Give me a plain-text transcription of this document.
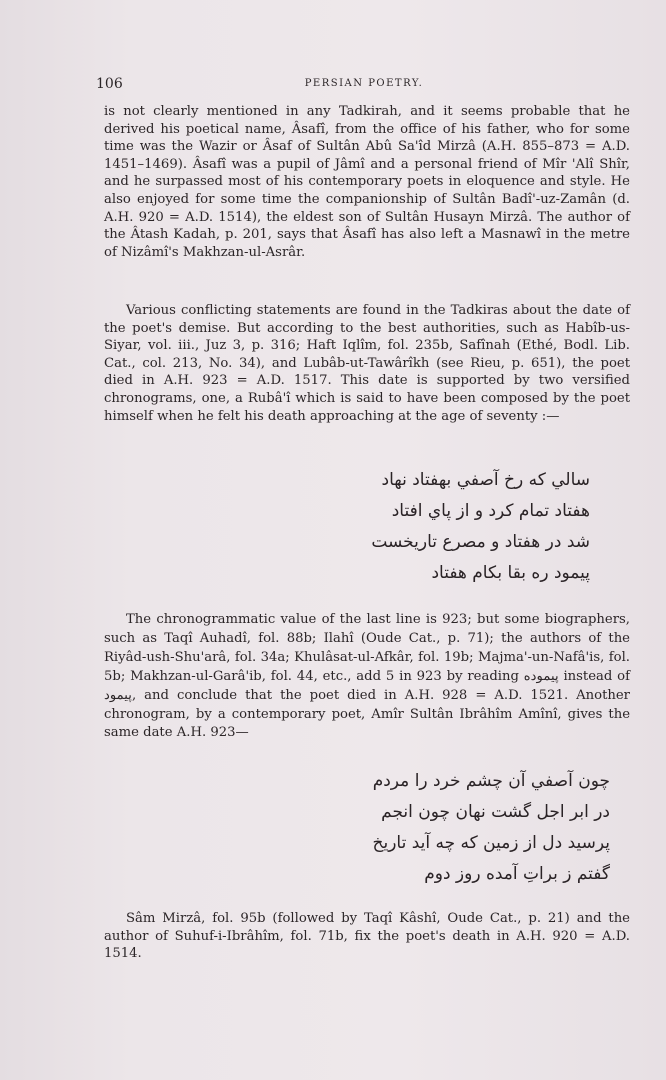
106	PERSIAN POETRY.
is not clearly mentioned in any Tadkirah, and it seems probable that he derived his poetical name, Âsafî, from the office of his father, who for some time was the Wazir or Âsaf of Sultân Abû Sa'îd Mirzâ (A.H. 855–873 = A.D. 1451–1469). Âsafî was a pupil of Jâmî and a personal friend of Mîr 'Alî Shîr, and he surpassed most of his contemporary poets in eloquence and style. He also enjoyed for some time the companionship of Sultân Badî'-uz-Zamân (d. A.H. 920 = A.D. 1514), the eldest son of Sultân Husayn Mirzâ. The author of the Âtash Kadah, p. 201, says that Âsafî has also left a Masnawî in the metre of Nizâmî's Makhzan-ul-Asrâr.
Various conflicting statements are found in the Tadkiras about the date of the poet's demise. But according to the best authorities, such as Habîb-us-Siyar, vol. iii., Juz 3, p. 316; Haft Iqlîm, fol. 235b, Safînah (Ethé, Bodl. Lib. Cat., col. 213, No. 34), and Lubâb-ut-Tawârîkh (see Rieu, p. 651), the poet died in A.H. 923 = A.D. 1517. This date is supported by two versified chronograms, one, a Rubâ'î which is said to have been composed by the poet himself when he felt his death approaching at the age of seventy :—
سالي که رخ آصفي بهفتاد نهاد
هفتاد تمام کرد و از پاي افتاد
شد در هفتاد و مصرع تاريخست
پيمود ره بقا بکام هفتاد
The chronogrammatic value of the last line is 923; but some biographers, such as Taqî Auhadî, fol. 88b; Ilahî (Oude Cat., p. 71); the authors of the Riyâd-ush-Shu'arâ, fol. 34a; Khulâsat-ul-Afkâr, fol. 19b; Majma'-un-Nafâ'is, fol. 5b; Makhzan-ul-Garâ'ib, fol. 44, etc., add 5 in 923 by reading پیموده instead of پیمود, and conclude that the poet died in A.H. 928 = A.D. 1521. Another chronogram, by a contemporary poet, Amîr Sultân Ibrâhîm Amînî, gives the same date A.H. 923—
چون آصفي آن چشم خرد را مردم
در ابر اجل گشت نهان چون انجم
پرسيد دل از زمين که چه آيد تاريخ
گفتم ز براتِ آمده روز دوم
Sâm Mirzâ, fol. 95b (followed by Taqî Kâshî, Oude Cat., p. 21) and the author of Suhuf-i-Ibrâhîm, fol. 71b, fix the poet's death in A.H. 920 = A.D. 1514.
